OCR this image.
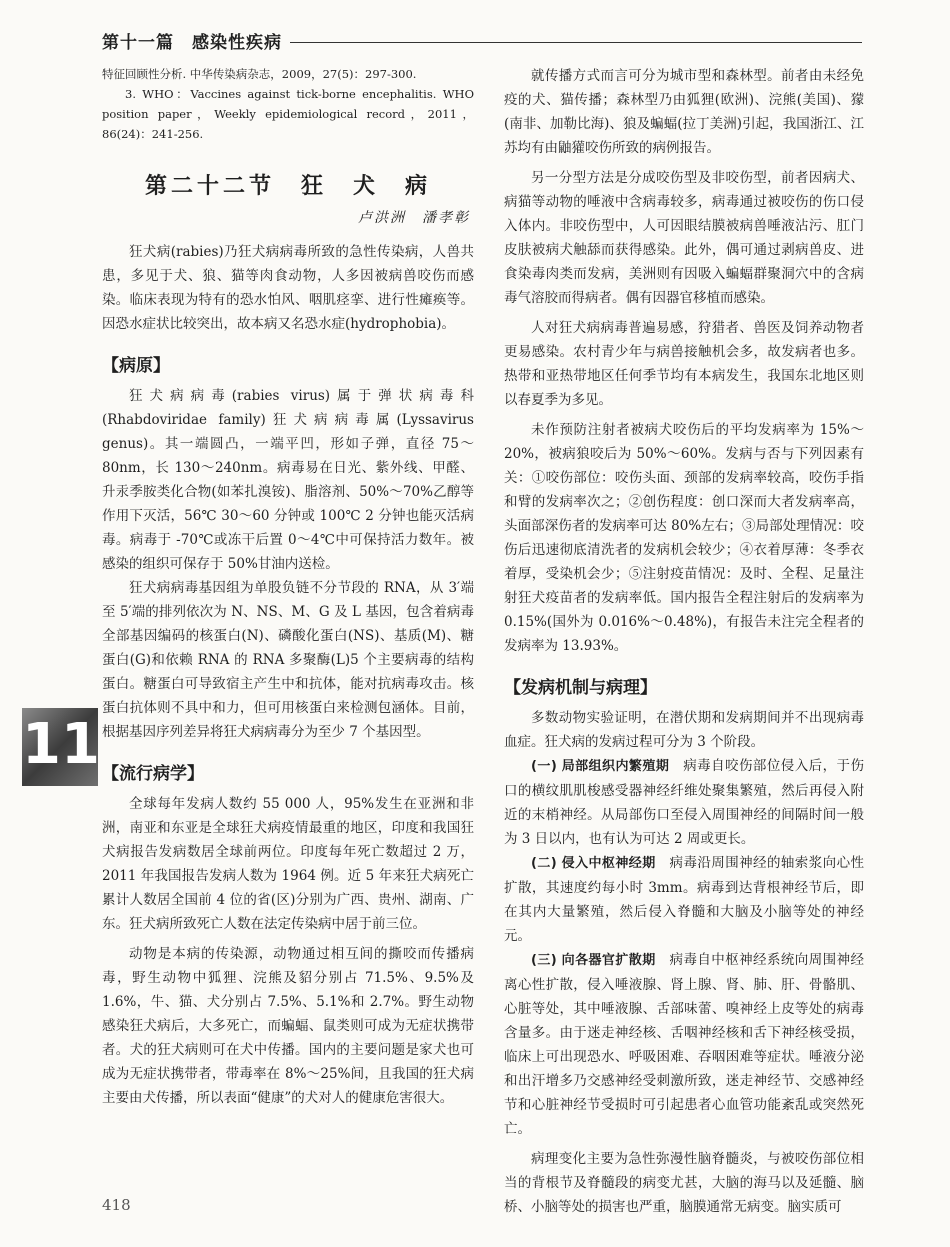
第十一篇　感染性疾病

特征回顾性分析. 中华传染病杂志，2009，27(5)：297-300.

3. WHO：Vaccines against tick-borne encephalitis. WHO position paper，Weekly epidemiological record，2011，86(24)：241-256.

第二十二节　狂　犬　病
卢洪洲　潘孝彰

狂犬病(rabies)乃狂犬病病毒所致的急性传染病，人兽共患，多见于犬、狼、猫等肉食动物，人多因被病兽咬伤而感染。临床表现为特有的恐水怕风、咽肌痉挛、进行性瘫痪等。因恐水症状比较突出，故本病又名恐水症(hydrophobia)。

【病原】

狂犬病病毒(rabies virus)属于弹状病毒科(Rhabdoviridae family)狂犬病病毒属(Lyssavirus genus)。其一端圆凸，一端平凹，形如子弹，直径 75～80nm，长 130～240nm。病毒易在日光、紫外线、甲醛、升汞季胺类化合物(如苯扎溴铵)、脂溶剂、50%～70%乙醇等作用下灭活，56℃ 30～60 分钟或 100℃ 2 分钟也能灭活病毒。病毒于 -70℃或冻干后置 0～4℃中可保持活力数年。被感染的组织可保存于 50%甘油内送检。

狂犬病病毒基因组为单股负链不分节段的 RNA，从 3′端至 5′端的排列依次为 N、NS、M、G 及 L 基因，包含着病毒全部基因编码的核蛋白(N)、磷酸化蛋白(NS)、基质(M)、糖蛋白(G)和依赖 RNA 的 RNA 多聚酶(L)5 个主要病毒的结构蛋白。糖蛋白可导致宿主产生中和抗体，能对抗病毒攻击。核蛋白抗体则不具中和力，但可用核蛋白来检测包涵体。目前，根据基因序列差异将狂犬病病毒分为至少 7 个基因型。

【流行病学】

全球每年发病人数约 55 000 人，95%发生在亚洲和非洲，南亚和东亚是全球狂犬病疫情最重的地区，印度和我国狂犬病报告发病数居全球前两位。印度每年死亡数超过 2 万，2011 年我国报告发病人数为 1964 例。近 5 年来狂犬病死亡累计人数居全国前 4 位的省(区)分别为广西、贵州、湖南、广东。狂犬病所致死亡人数在法定传染病中居于前三位。

动物是本病的传染源，动物通过相互间的撕咬而传播病毒，野生动物中狐狸、浣熊及貂分别占 71.5%、9.5%及 1.6%，牛、猫、犬分别占 7.5%、5.1%和 2.7%。野生动物感染狂犬病后，大多死亡，而蝙蝠、鼠类则可成为无症状携带者。犬的狂犬病则可在犬中传播。国内的主要问题是家犬也可成为无症状携带者，带毒率在 8%～25%间，且我国的狂犬病主要由犬传播，所以表面“健康”的犬对人的健康危害很大。

就传播方式而言可分为城市型和森林型。前者由未经免疫的犬、猫传播；森林型乃由狐狸(欧洲)、浣熊(美国)、獴(南非、加勒比海)、狼及蝙蝠(拉丁美洲)引起，我国浙江、江苏均有由鼬獾咬伤所致的病例报告。

另一分型方法是分成咬伤型及非咬伤型，前者因病犬、病猫等动物的唾液中含病毒较多，病毒通过被咬伤的伤口侵入体内。非咬伤型中，人可因眼结膜被病兽唾液沾污、肛门皮肤被病犬触舔而获得感染。此外，偶可通过剥病兽皮、进食染毒肉类而发病，美洲则有因吸入蝙蝠群聚洞穴中的含病毒气溶胶而得病者。偶有因器官移植而感染。

人对狂犬病病毒普遍易感，狩猎者、兽医及饲养动物者更易感染。农村青少年与病兽接触机会多，故发病者也多。热带和亚热带地区任何季节均有本病发生，我国东北地区则以春夏季为多见。

未作预防注射者被病犬咬伤后的平均发病率为 15%～20%，被病狼咬后为 50%～60%。发病与否与下列因素有关：①咬伤部位：咬伤头面、颈部的发病率较高，咬伤手指和臂的发病率次之；②创伤程度：创口深而大者发病率高，头面部深伤者的发病率可达 80%左右；③局部处理情况：咬伤后迅速彻底清洗者的发病机会较少；④衣着厚薄：冬季衣着厚，受染机会少；⑤注射疫苗情况：及时、全程、足量注射狂犬疫苗者的发病率低。国内报告全程注射后的发病率为 0.15%(国外为 0.016%～0.48%)，有报告未注完全程者的发病率为 13.93%。

【发病机制与病理】

多数动物实验证明，在潜伏期和发病期间并不出现病毒血症。狂犬病的发病过程可分为 3 个阶段。

(一) 局部组织内繁殖期　病毒自咬伤部位侵入后，于伤口的横纹肌肌梭感受器神经纤维处聚集繁殖，然后再侵入附近的末梢神经。从局部伤口至侵入周围神经的间隔时间一般为 3 日以内，也有认为可达 2 周或更长。

(二) 侵入中枢神经期　病毒沿周围神经的轴索浆向心性扩散，其速度约每小时 3mm。病毒到达背根神经节后，即在其内大量繁殖，然后侵入脊髓和大脑及小脑等处的神经元。

(三) 向各器官扩散期　病毒自中枢神经系统向周围神经离心性扩散，侵入唾液腺、肾上腺、肾、肺、肝、骨骼肌、心脏等处，其中唾液腺、舌部味蕾、嗅神经上皮等处的病毒含量多。由于迷走神经核、舌咽神经核和舌下神经核受损，临床上可出现恐水、呼吸困难、吞咽困难等症状。唾液分泌和出汗增多乃交感神经受刺激所致，迷走神经节、交感神经节和心脏神经节受损时可引起患者心血管功能紊乱或突然死亡。

病理变化主要为急性弥漫性脑脊髓炎，与被咬伤部位相当的背根节及脊髓段的病变尤甚，大脑的海马以及延髓、脑桥、小脑等处的损害也严重，脑膜通常无病变。脑实质可

11
418
